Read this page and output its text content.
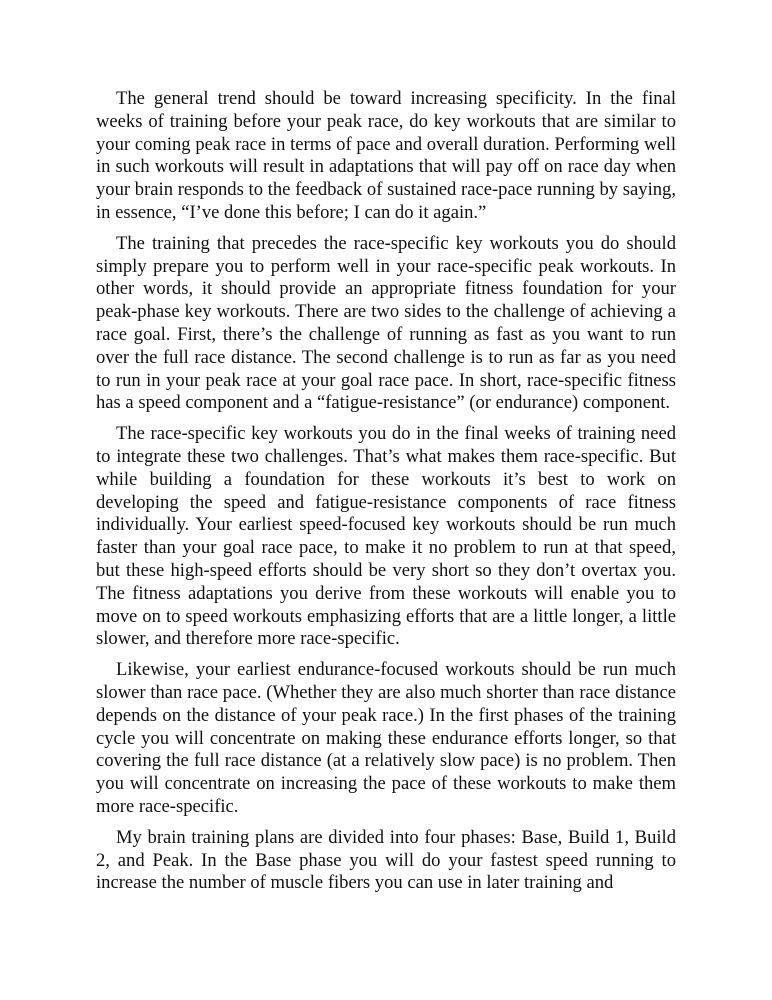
The general trend should be toward increasing specificity. In the final weeks of training before your peak race, do key workouts that are similar to your coming peak race in terms of pace and overall duration. Performing well in such workouts will result in adaptations that will pay off on race day when your brain responds to the feedback of sustained race-pace running by saying, in essence, “I’ve done this before; I can do it again.”

The training that precedes the race-specific key workouts you do should simply prepare you to perform well in your race-specific peak workouts. In other words, it should provide an appropriate fitness foundation for your peak-phase key workouts. There are two sides to the challenge of achieving a race goal. First, there’s the challenge of running as fast as you want to run over the full race distance. The second challenge is to run as far as you need to run in your peak race at your goal race pace. In short, race-specific fitness has a speed component and a “fatigue-resistance” (or endurance) component.

The race-specific key workouts you do in the final weeks of training need to integrate these two challenges. That’s what makes them race-specific. But while building a foundation for these workouts it’s best to work on developing the speed and fatigue-resistance components of race fitness individually. Your earliest speed-focused key workouts should be run much faster than your goal race pace, to make it no problem to run at that speed, but these high-speed efforts should be very short so they don’t overtax you. The fitness adaptations you derive from these workouts will enable you to move on to speed workouts emphasizing efforts that are a little longer, a little slower, and therefore more race-specific.

Likewise, your earliest endurance-focused workouts should be run much slower than race pace. (Whether they are also much shorter than race distance depends on the distance of your peak race.) In the first phases of the training cycle you will concentrate on making these endurance efforts longer, so that covering the full race distance (at a relatively slow pace) is no problem. Then you will concentrate on increasing the pace of these workouts to make them more race-specific.

My brain training plans are divided into four phases: Base, Build 1, Build 2, and Peak. In the Base phase you will do your fastest speed running to increase the number of muscle fibers you can use in later training and
